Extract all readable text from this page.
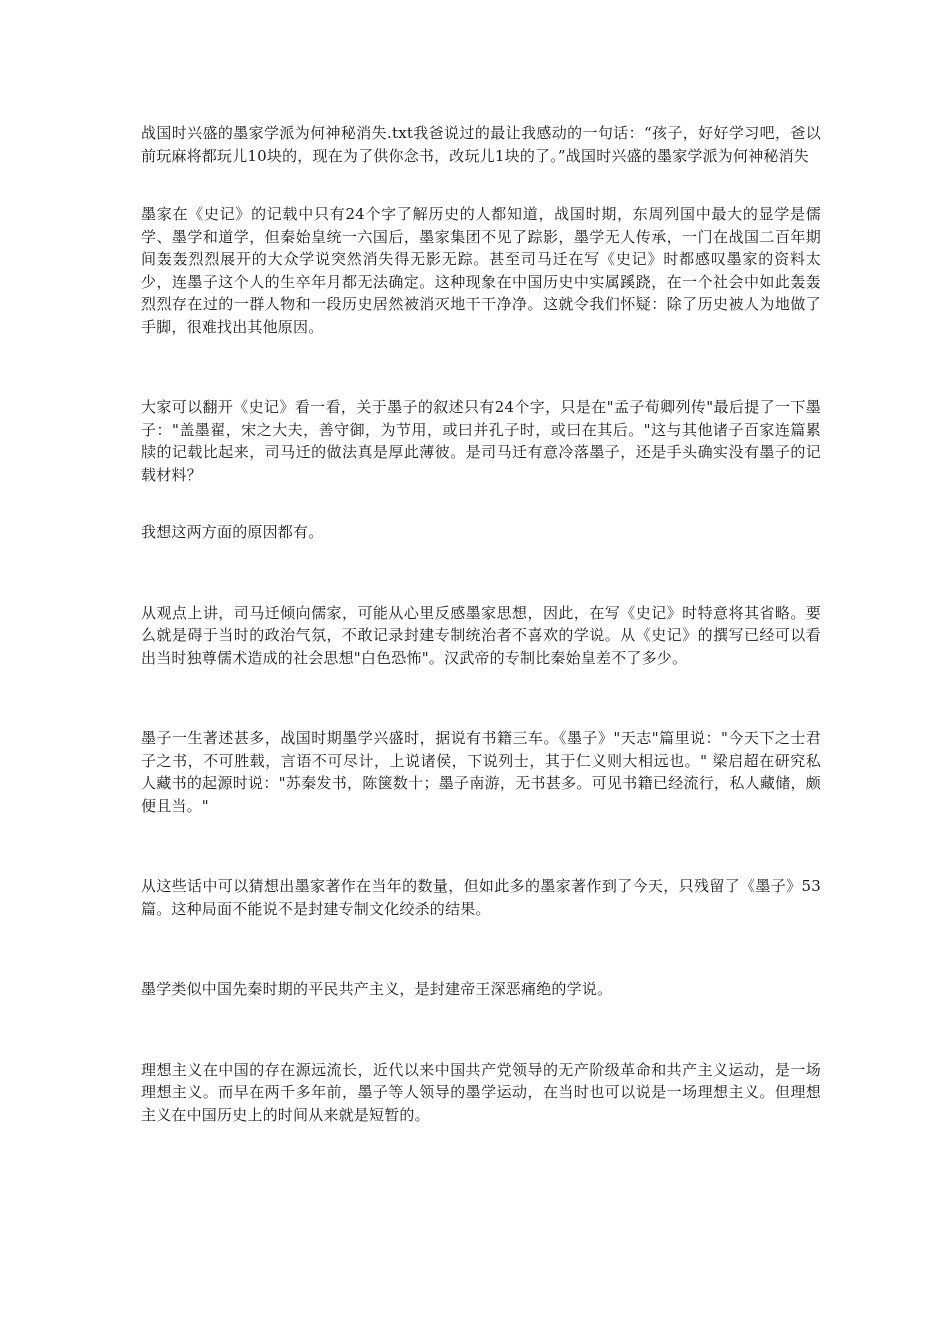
战国时兴盛的墨家学派为何神秘消失.txt我爸说过的最让我感动的一句话：“孩子，好好学习吧，爸以前玩麻将都玩儿10块的，现在为了供你念书，改玩儿1块的了。”战国时兴盛的墨家学派为何神秘消失

墨家在《史记》的记载中只有24个字了解历史的人都知道，战国时期，东周列国中最大的显学是儒学、墨学和道学，但秦始皇统一六国后，墨家集团不见了踪影，墨学无人传承，一门在战国二百年期间轰轰烈烈展开的大众学说突然消失得无影无踪。甚至司马迁在写《史记》时都感叹墨家的资料太少，连墨子这个人的生卒年月都无法确定。这种现象在中国历史中实属蹊跷，在一个社会中如此轰轰烈烈存在过的一群人物和一段历史居然被消灭地干干净净。这就令我们怀疑：除了历史被人为地做了手脚，很难找出其他原因。

大家可以翻开《史记》看一看，关于墨子的叙述只有24个字，只是在"孟子荀卿列传"最后提了一下墨子："盖墨翟，宋之大夫，善守御，为节用，或曰并孔子时，或曰在其后。"这与其他诸子百家连篇累牍的记载比起来，司马迁的做法真是厚此薄彼。是司马迁有意冷落墨子，还是手头确实没有墨子的记载材料？

我想这两方面的原因都有。

从观点上讲，司马迁倾向儒家，可能从心里反感墨家思想，因此，在写《史记》时特意将其省略。要么就是碍于当时的政治气氛，不敢记录封建专制统治者不喜欢的学说。从《史记》的撰写已经可以看出当时独尊儒术造成的社会思想"白色恐怖"。汉武帝的专制比秦始皇差不了多少。

墨子一生著述甚多，战国时期墨学兴盛时，据说有书籍三车。《墨子》"天志"篇里说："今天下之士君子之书，不可胜载，言语不可尽计，上说诸侯，下说列士，其于仁义则大相远也。" 梁启超在研究私人藏书的起源时说："苏秦发书，陈箧数十；墨子南游，无书甚多。可见书籍已经流行，私人藏储，颇便且当。"

从这些话中可以猜想出墨家著作在当年的数量，但如此多的墨家著作到了今天，只残留了《墨子》53篇。这种局面不能说不是封建专制文化绞杀的结果。

墨学类似中国先秦时期的平民共产主义，是封建帝王深恶痛绝的学说。

理想主义在中国的存在源远流长，近代以来中国共产党领导的无产阶级革命和共产主义运动，是一场理想主义。而早在两千多年前，墨子等人领导的墨学运动，在当时也可以说是一场理想主义。但理想主义在中国历史上的时间从来就是短暂的。
